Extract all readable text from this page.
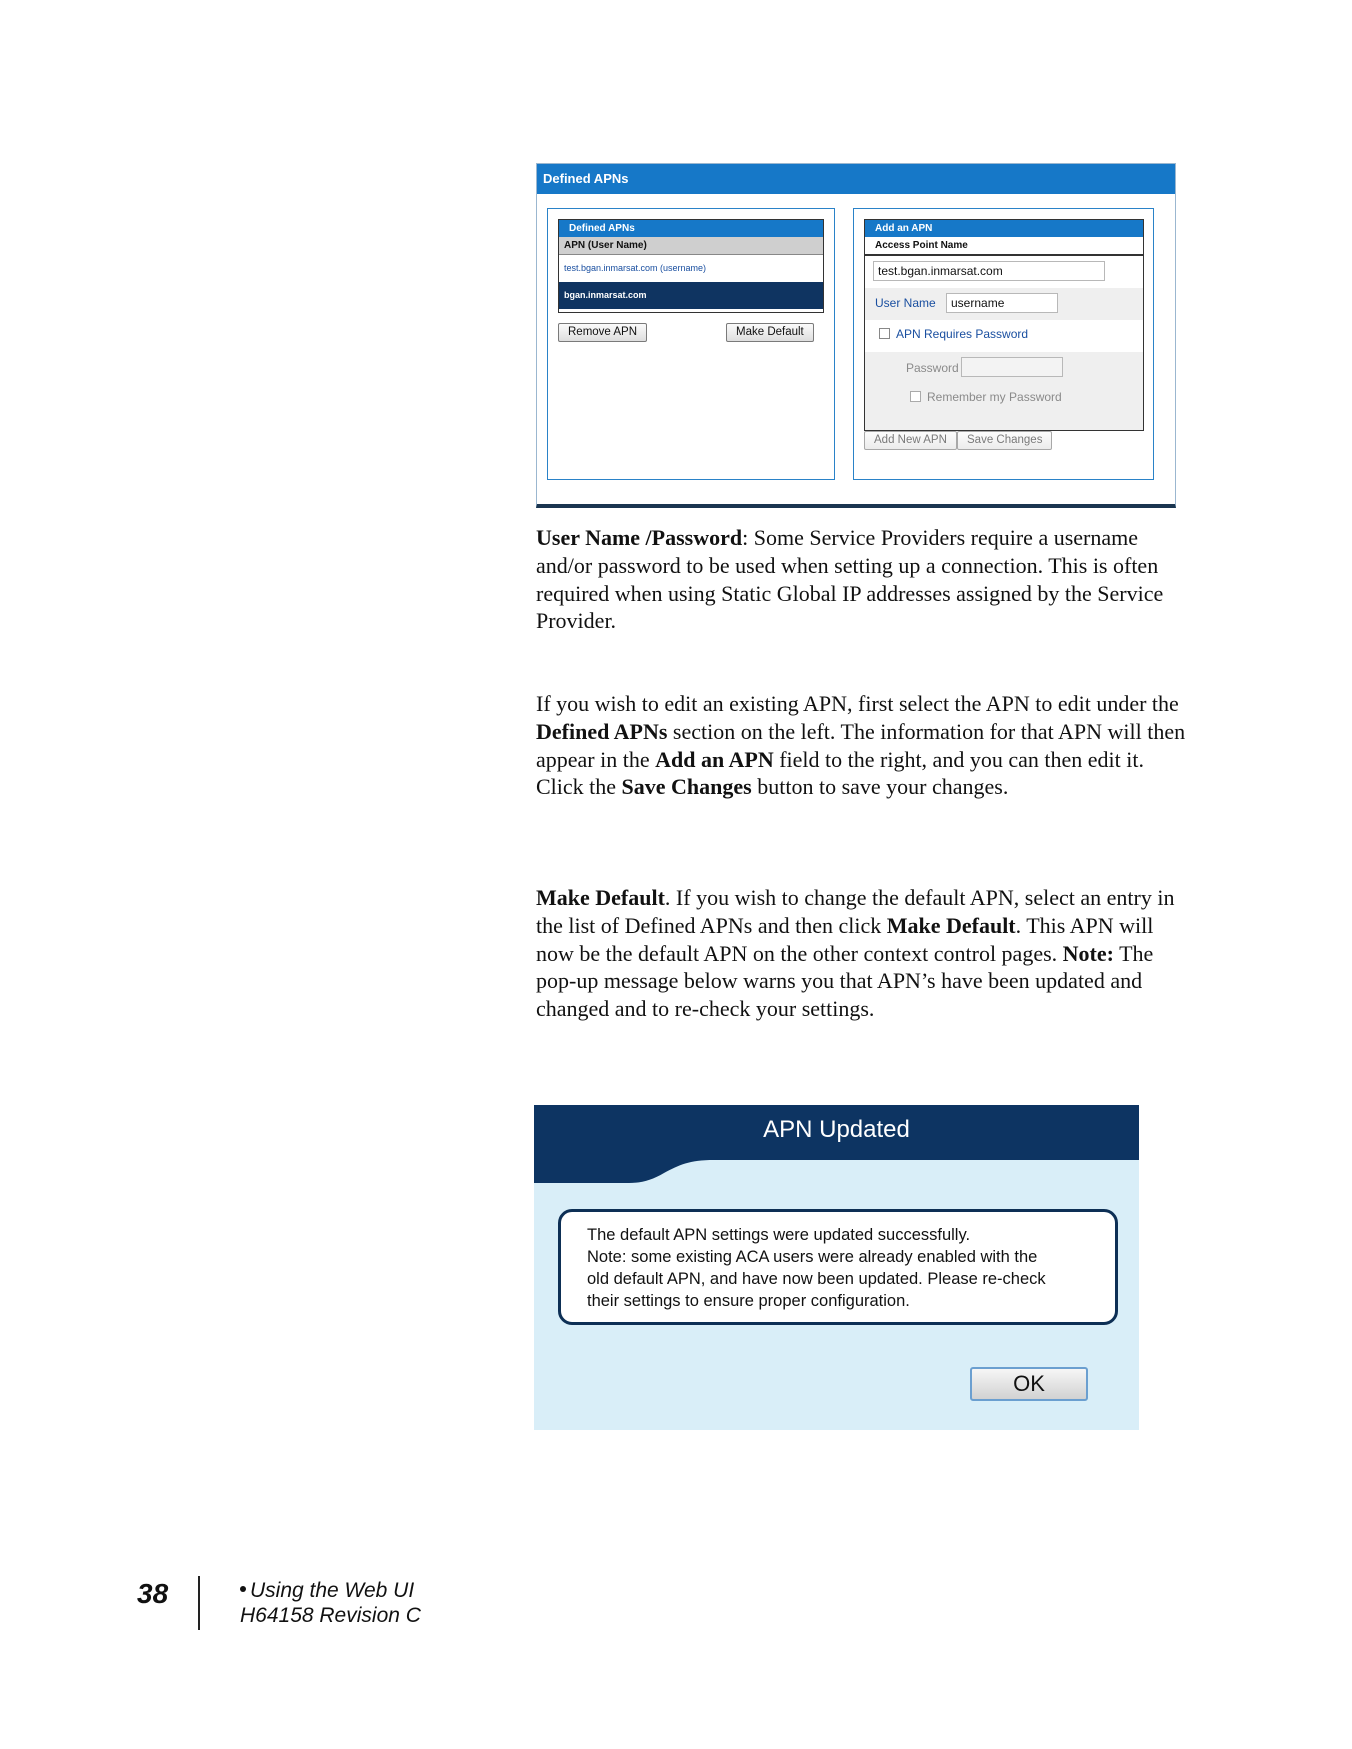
Defined APNs
Defined APNs
APN (User Name)
test.bgan.inmarsat.com (username)
bgan.inmarsat.com
Remove APN	Make Default
Add an APN
Access Point Name
test.bgan.inmarsat.com
User Name	username
APN Requires Password
Password
Remember my Password
Add New APN	Save Changes

User Name /Password: Some Service Providers require a username and/or password to be used when setting up a connection. This is often required when using Static Global IP addresses assigned by the Service Provider.

If you wish to edit an existing APN, first select the APN to edit under the Defined APNs section on the left. The information for that APN will then appear in the Add an APN field to the right, and you can then edit it. Click the Save Changes button to save your changes.

Make Default. If you wish to change the default APN, select an entry in the list of Defined APNs and then click Make Default. This APN will now be the default APN on the other context control pages. Note: The pop-up message below warns you that APN’s have been updated and changed and to re-check your settings.

APN Updated
The default APN settings were updated successfully.
Note: some existing ACA users were already enabled with the
old default APN, and have now been updated. Please re-check
their settings to ensure proper configuration.
OK
38	Using the Web UI
H64158 Revision C
